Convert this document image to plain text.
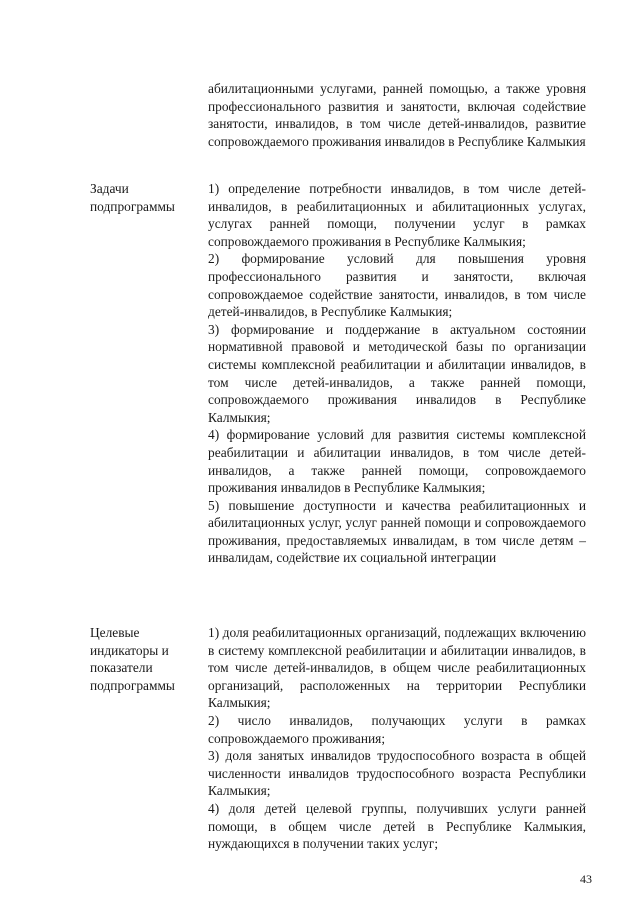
абилитационными услугами, ранней помощью, а также уровня профессионального развития и занятости, включая содействие занятости, инвалидов, в том числе детей-инвалидов, развитие сопровождаемого проживания инвалидов в Республике Калмыкия

Задачи подпрограммы

1) определение потребности инвалидов, в том числе детей-инвалидов, в реабилитационных и абилитационных услугах, услугах ранней помощи, получении услуг в рамках сопровождаемого проживания в Республике Калмыкия;

2) формирование условий для повышения уровня профессионального развития и занятости, включая сопровождаемое содействие занятости, инвалидов, в том числе детей-инвалидов, в Республике Калмыкия;

3) формирование и поддержание в актуальном состоянии нормативной правовой и методической базы по организации системы комплексной реабилитации и абилитации инвалидов, в том числе детей-инвалидов, а также ранней помощи, сопровождаемого проживания инвалидов в Республике Калмыкия;

4) формирование условий для развития системы комплексной реабилитации и абилитации инвалидов, в том числе детей-инвалидов, а также ранней помощи, сопровождаемого проживания инвалидов в Республике Калмыкия;

5) повышение доступности и качества реабилитационных и абилитационных услуг, услуг ранней помощи и сопровождаемого проживания, предоставляемых инвалидам, в том числе детям – инвалидам, содействие их социальной интеграции

Целевые индикаторы и показатели подпрограммы

1) доля реабилитационных организаций, подлежащих включению в систему комплексной реабилитации и абилитации инвалидов, в том числе детей-инвалидов, в общем числе реабилитационных организаций, расположенных на территории Республики Калмыкия;

2) число инвалидов, получающих услуги в рамках сопровождаемого проживания;

3) доля занятых инвалидов трудоспособного возраста в общей численности инвалидов трудоспособного возраста Республики Калмыкия;

4) доля детей целевой группы, получивших услуги ранней помощи, в общем числе детей в Республике Калмыкия, нуждающихся в получении таких услуг;

43
